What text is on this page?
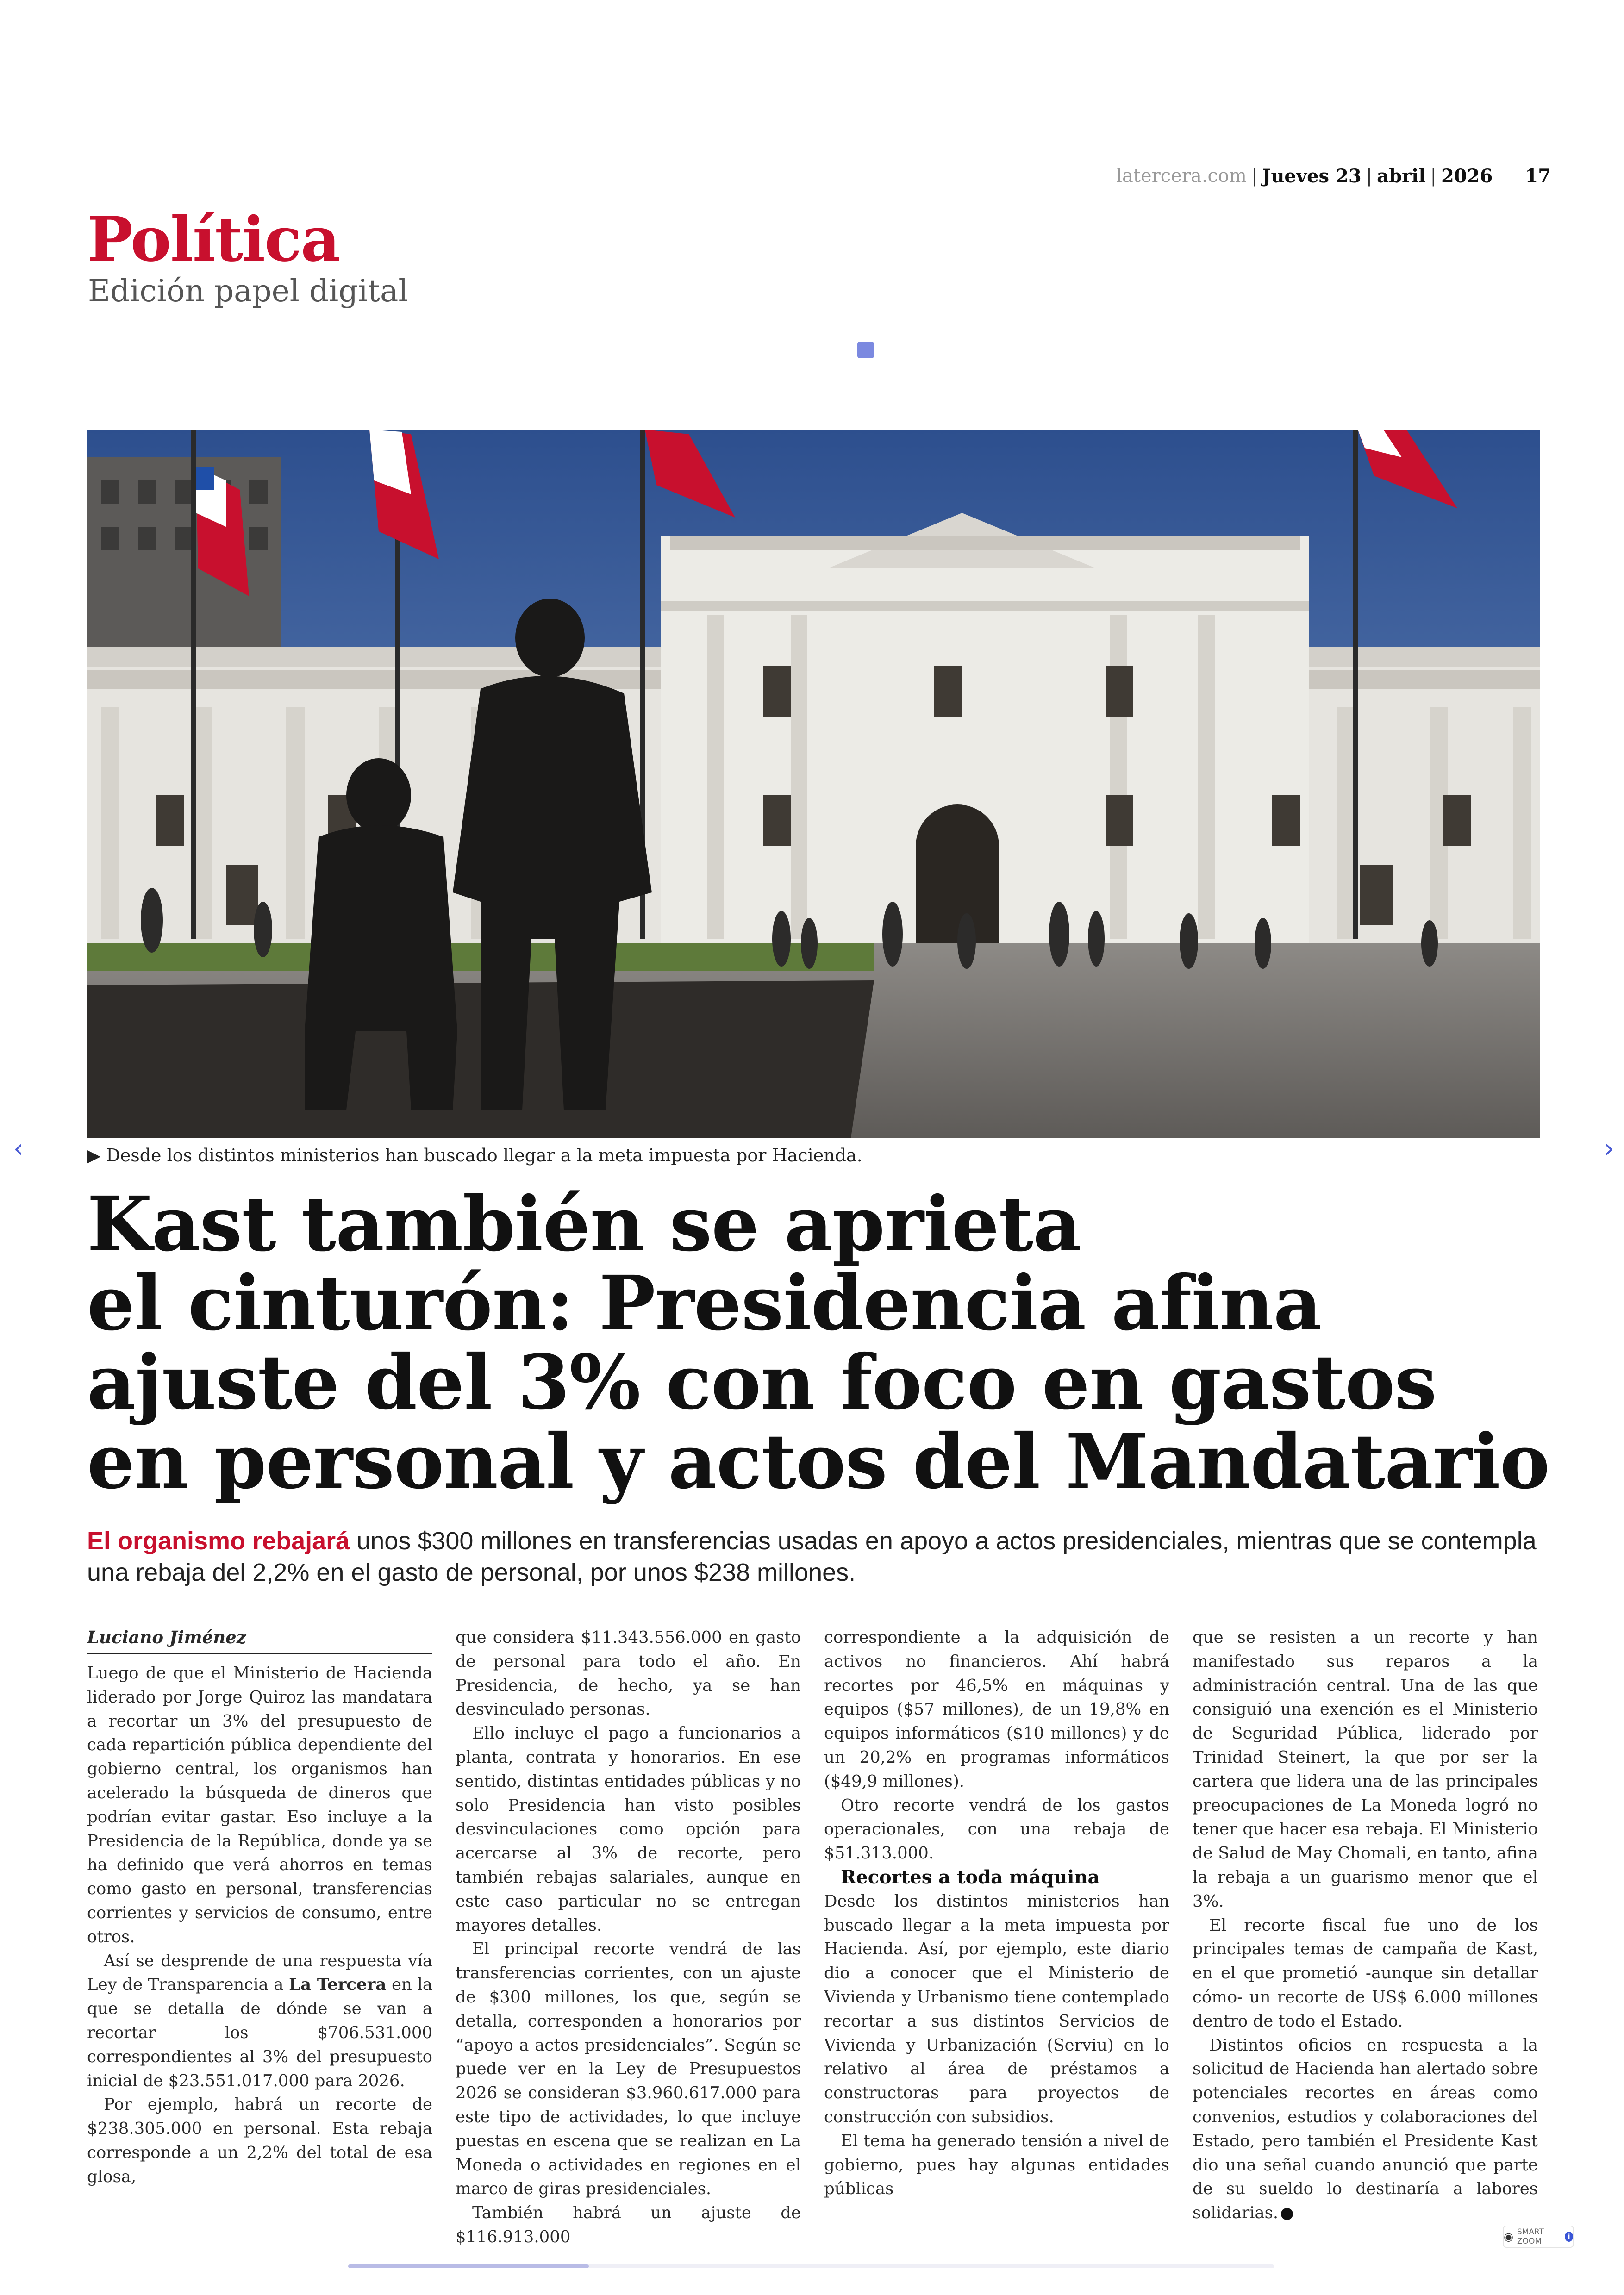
latercera.com | Jueves 23 | abril | 2026 17
Política
Edición papel digital
▶ Desde los distintos ministerios han buscado llegar a la meta impuesta por Hacienda.
‹	›
Kast también se aprieta
el cinturón: Presidencia afina
ajuste del 3% con foco en gastos
en personal y actos del Mandatario
El organismo rebajará unos $300 millones en transferencias usadas en apoyo a actos presidenciales, mientras que se contempla una rebaja del 2,2% en el gasto de personal, por unos $238 millones.
Luciano Jiménez

Luego de que el Ministerio de Hacienda liderado por Jorge Quiroz las mandatara a recortar un 3% del presupuesto de cada repartición pública dependiente del gobierno central, los organismos han acelerado la búsqueda de dineros que podrían evitar gastar. Eso incluye a la Presidencia de la República, donde ya se ha definido que verá ahorros en temas como gasto en personal, transferencias corrientes y servicios de consumo, entre otros.

Así se desprende de una respuesta vía Ley de Transparencia a La Tercera en la que se detalla de dónde se van a recortar los $706.531.000 correspondientes al 3% del presupuesto inicial de $23.551.017.000 para 2026.

Por ejemplo, habrá un recorte de $238.305.000 en personal. Esta rebaja corresponde a un 2,2% del total de esa glosa,

que considera $11.343.556.000 en gasto de personal para todo el año. En Presidencia, de hecho, ya se han desvinculado personas.

Ello incluye el pago a funcionarios a planta, contrata y honorarios. En ese sentido, distintas entidades públicas y no solo Presidencia han visto posibles desvinculaciones como opción para acercarse al 3% de recorte, pero también rebajas salariales, aunque en este caso particular no se entregan mayores detalles.

El principal recorte vendrá de las transferencias corrientes, con un ajuste de $300 millones, los que, según se detalla, corresponden a honorarios por “apoyo a actos presidenciales”. Según se puede ver en la Ley de Presupuestos 2026 se consideran $3.960.617.000 para este tipo de actividades, lo que incluye puestas en escena que se realizan en La Moneda o actividades en regiones en el marco de giras presidenciales.

También habrá un ajuste de $116.913.000

correspondiente a la adquisición de activos no financieros. Ahí habrá recortes por 46,5% en máquinas y equipos ($57 millones), de un 19,8% en equipos informáticos ($10 millones) y de un 20,2% en programas informáticos ($49,9 millones).

Otro recorte vendrá de los gastos operacionales, con una rebaja de $51.313.000.

Recortes a toda máquina

Desde los distintos ministerios han buscado llegar a la meta impuesta por Hacienda. Así, por ejemplo, este diario dio a conocer que el Ministerio de Vivienda y Urbanismo tiene contemplado recortar a sus distintos Servicios de Vivienda y Urbanización (Serviu) en lo relativo al área de préstamos a constructoras para proyectos de construcción con subsidios.

El tema ha generado tensión a nivel de gobierno, pues hay algunas entidades públicas

que se resisten a un recorte y han manifestado sus reparos a la administración central. Una de las que consiguió una exención es el Ministerio de Seguridad Pública, liderado por Trinidad Steinert, la que por ser la cartera que lidera una de las principales preocupaciones de La Moneda logró no tener que hacer esa rebaja. El Ministerio de Salud de May Chomali, en tanto, afina la rebaja a un guarismo menor que el 3%.

El recorte fiscal fue uno de los principales temas de campaña de Kast, en el que prometió -aunque sin detallar cómo- un recorte de US$ 6.000 millones dentro de todo el Estado.

Distintos oficios en respuesta a la solicitud de Hacienda han alertado sobre potenciales recortes en áreas como convenios, estudios y colaboraciones del Estado, pero también el Presidente Kast dio una señal cuando anunció que parte de su sueldo lo destinaría a labores solidarias.

◉ SMART ZOOM	i
